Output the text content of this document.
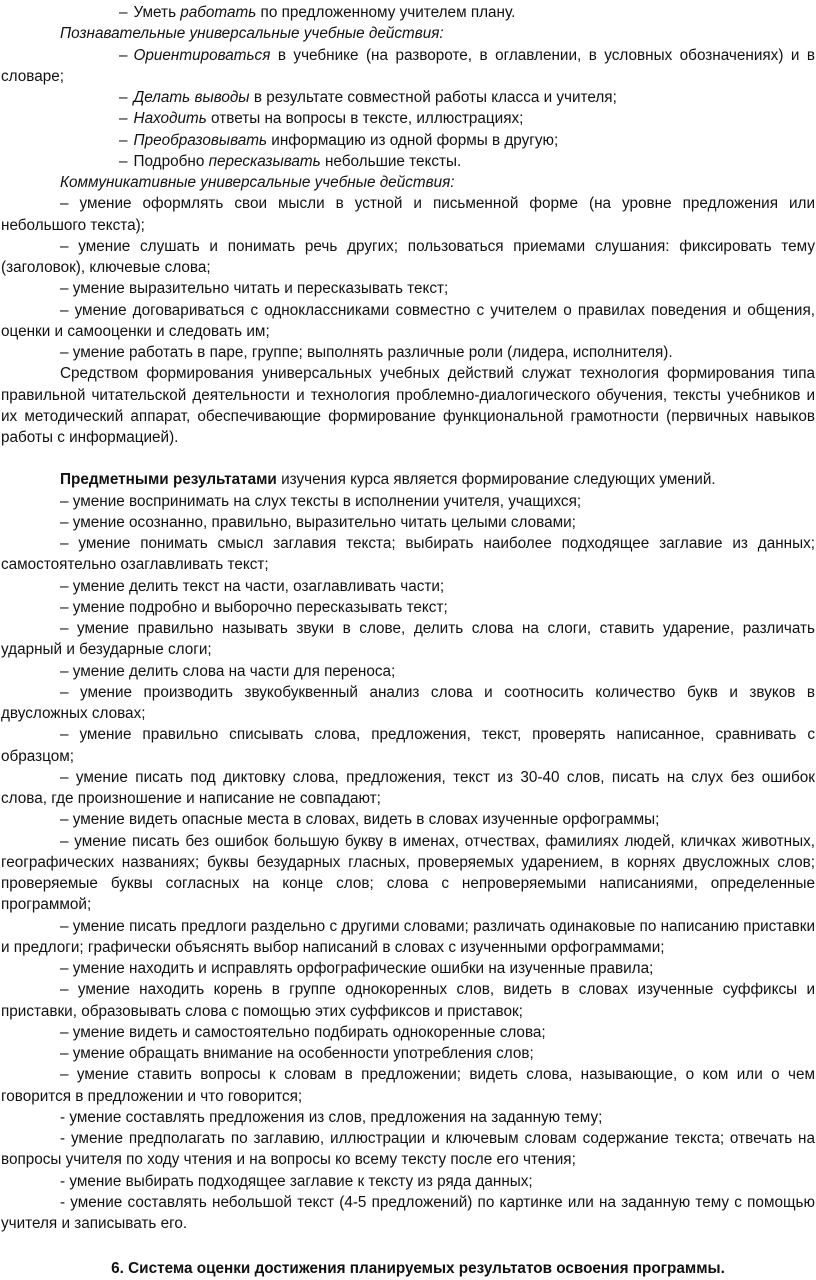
– Уметь работать по предложенному учителем плану.

Познавательные универсальные учебные действия:

– Ориентироваться в учебнике (на развороте, в оглавлении, в условных обозначениях) и в словаре;

– Делать выводы в результате совместной работы класса и учителя;

– Находить ответы на вопросы в тексте, иллюстрациях;

– Преобразовывать информацию из одной формы в другую;

– Подробно пересказывать небольшие тексты.

Коммуникативные универсальные учебные действия:

– умение оформлять свои мысли в устной и письменной форме (на уровне предложения или небольшого текста);

– умение слушать и понимать речь других; пользоваться приемами слушания: фиксировать тему (заголовок), ключевые слова;

– умение выразительно читать и пересказывать текст;

– умение договариваться с одноклассниками совместно с учителем о правилах поведения и общения, оценки и самооценки и следовать им;

– умение работать в паре, группе; выполнять различные роли (лидера, исполнителя).

Средством формирования универсальных учебных действий служат технология формирования типа правильной читательской деятельности и технология проблемно-диалогического обучения, тексты учебников и их методический аппарат, обеспечивающие формирование функциональной грамотности (первичных навыков работы с информацией).

Предметными результатами изучения курса является формирование следующих умений.

– умение воспринимать на слух тексты в исполнении учителя, учащихся;

– умение осознанно, правильно, выразительно читать целыми словами;

– умение понимать смысл заглавия текста; выбирать наиболее подходящее заглавие из данных; самостоятельно озаглавливать текст;

– умение делить текст на части, озаглавливать части;

– умение подробно и выборочно пересказывать текст;

– умение правильно называть звуки в слове, делить слова на слоги, ставить ударение, различать ударный и безударные слоги;

– умение делить слова на части для переноса;

– умение производить звукобуквенный анализ слова и соотносить количество букв и звуков в двусложных словах;

– умение правильно списывать слова, предложения, текст, проверять написанное, сравнивать с образцом;

– умение писать под диктовку слова, предложения, текст из 30-40 слов, писать на слух без ошибок слова, где произношение и написание не совпадают;

– умение видеть опасные места в словах, видеть в словах изученные орфограммы;

– умение писать без ошибок большую букву в именах, отчествах, фамилиях людей, кличках животных, географических названиях; буквы безударных гласных, проверяемых ударением, в корнях двусложных слов; проверяемые буквы согласных на конце слов; слова с непроверяемыми написаниями, определенные программой;

– умение писать предлоги раздельно с другими словами; различать одинаковые по написанию приставки и предлоги; графически объяснять выбор написаний в словах с изученными орфограммами;

– умение находить и исправлять орфографические ошибки на изученные правила;

– умение находить корень в группе однокоренных слов, видеть в словах изученные суффиксы и приставки, образовывать слова с помощью этих суффиксов и приставок;

– умение видеть и самостоятельно подбирать однокоренные слова;

– умение обращать внимание на особенности употребления слов;

– умение ставить вопросы к словам в предложении; видеть слова, называющие, о ком или о чем говорится в предложении и что говорится;

- умение составлять предложения из слов, предложения на заданную тему;

- умение предполагать по заглавию, иллюстрации и ключевым словам содержание текста; отвечать на вопросы учителя по ходу чтения и на вопросы ко всему тексту после его чтения;

- умение выбирать подходящее заглавие к тексту из ряда данных;

- умение составлять небольшой текст (4-5 предложений) по картинке или на заданную тему с помощью учителя и записывать его.

6. Система оценки достижения планируемых результатов освоения программы.
